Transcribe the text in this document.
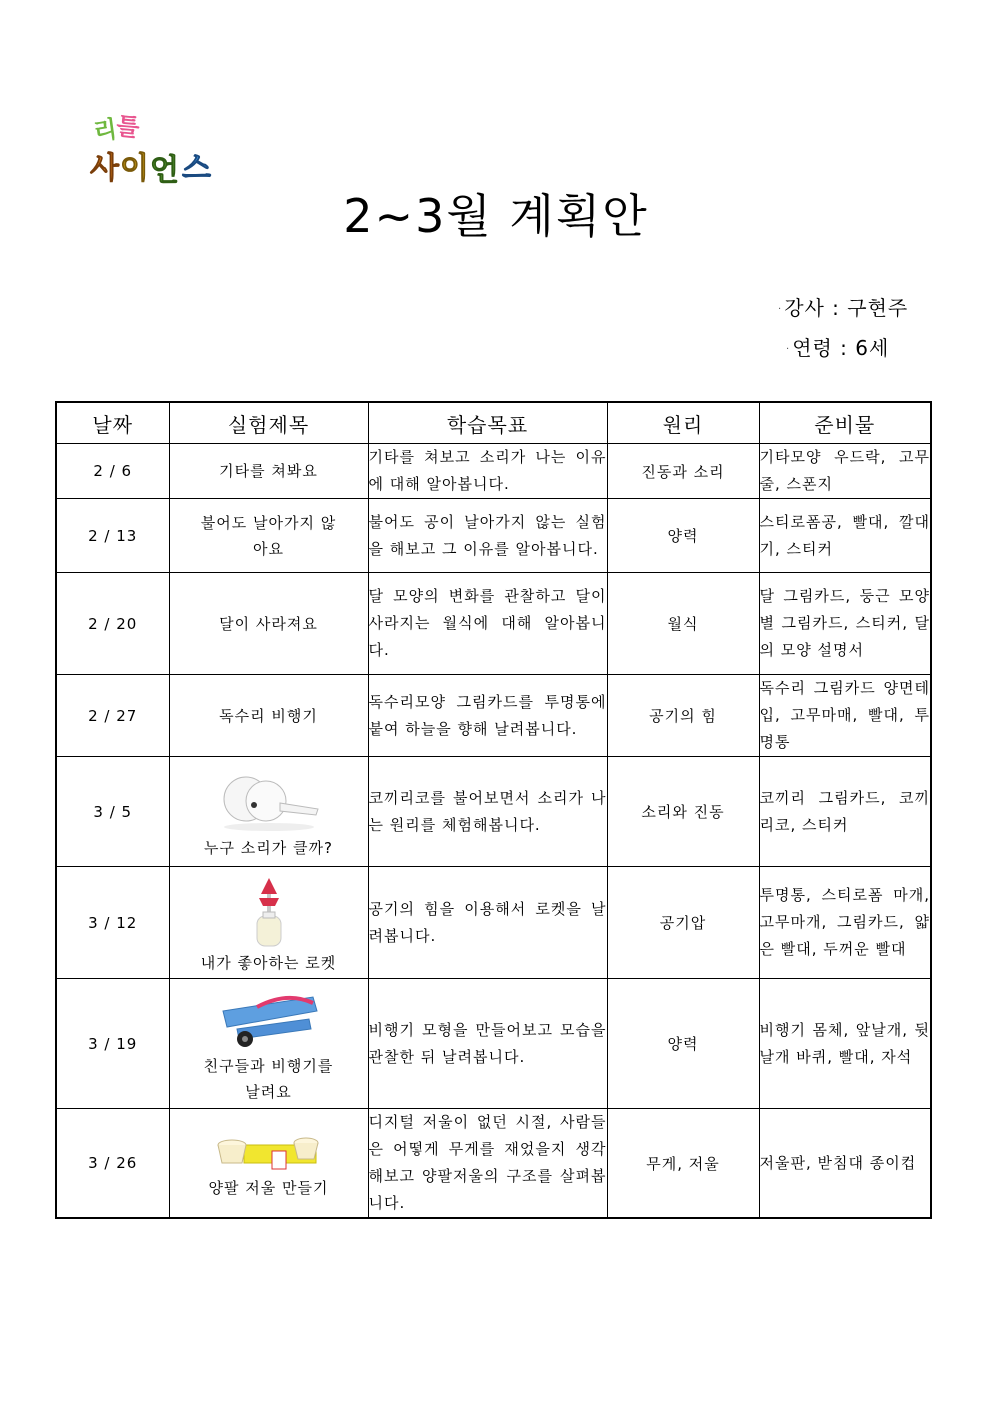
리
틀
사 이 언 스
2~3월 계획안
· 강사 : 구현주
· 연령 : 6세
날짜	실험제목	학습목표	원리	준비물
2 / 6	기타를 쳐봐요	기타를 쳐보고 소리가 나는 이유에 대해 알아봅니다.	진동과 소리	기타모양 우드락, 고무줄, 스폰지
2 / 13	불어도 날아가지 않아요	불어도 공이 날아가지 않는 실험을 해보고 그 이유를 알아봅니다.	양력	스티로폼공, 빨대, 깔대기, 스티커
2 / 20	달이 사라져요	달 모양의 변화를 관찰하고 달이 사라지는 월식에 대해 알아봅니다.	월식	달 그림카드, 둥근 모양 별 그림카드, 스티커, 달의 모양 설명서
2 / 27	독수리 비행기	독수리모양 그림카드를 투명통에 붙여 하늘을 향해 날려봅니다.	공기의 힘	독수리 그림카드 양면테입, 고무마매, 빨대, 투명통
3 / 5	누구 소리가 클까?	코끼리코를 불어보면서 소리가 나는 원리를 체험해봅니다.	소리와 진동	코끼리 그림카드, 코끼리코, 스티커
3 / 12	내가 좋아하는 로켓	공기의 힘을 이용해서 로켓을 날려봅니다.	공기압	투명통, 스티로폼 마개, 고무마개, 그림카드, 얇은 빨대, 두꺼운 빨대
3 / 19	친구들과 비행기를 날려요	비행기 모형을 만들어보고 모습을 관찰한 뒤 날려봅니다.	양력	비행기 몸체, 앞날개, 뒷날개 바퀴, 빨대, 자석
3 / 26	양팔 저울 만들기	디지털 저울이 없던 시절, 사람들은 어떻게 무게를 재었을지 생각해보고 양팔저울의 구조를 살펴봅니다.	무게, 저울	저울판, 받침대 종이컵
